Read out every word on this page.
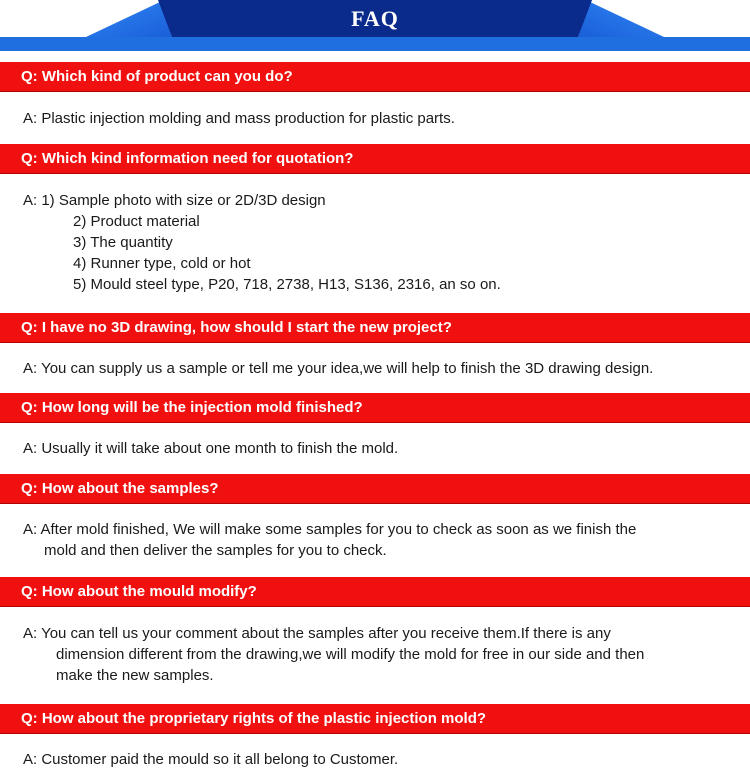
FAQ
Q: Which kind of product can you do?
A: Plastic injection molding and mass production for plastic parts.
Q: Which kind information need for quotation?
A: 1) Sample photo with size or 2D/3D design
2) Product material
3) The quantity
4) Runner type, cold or hot
5) Mould steel type, P20, 718, 2738, H13, S136, 2316, an so on.
Q: I have no 3D drawing, how should I start the new project?
A: You can supply us a sample or tell me your idea,we will help to finish the 3D drawing design.
Q: How long will be the injection mold finished?
A: Usually it will take about one month to finish the mold.
Q: How about the samples?
A: After mold finished, We will make some samples for you to check as soon as we finish the
mold and then deliver the samples for you to check.
Q: How about the mould modify?
A: You can tell us your comment about the samples after you receive them.If there is any
dimension different from the drawing,we will modify the mold for free in our side and then
make the new samples.
Q: How about the proprietary rights of the plastic injection mold?
A: Customer paid the mould so it all belong to Customer.
